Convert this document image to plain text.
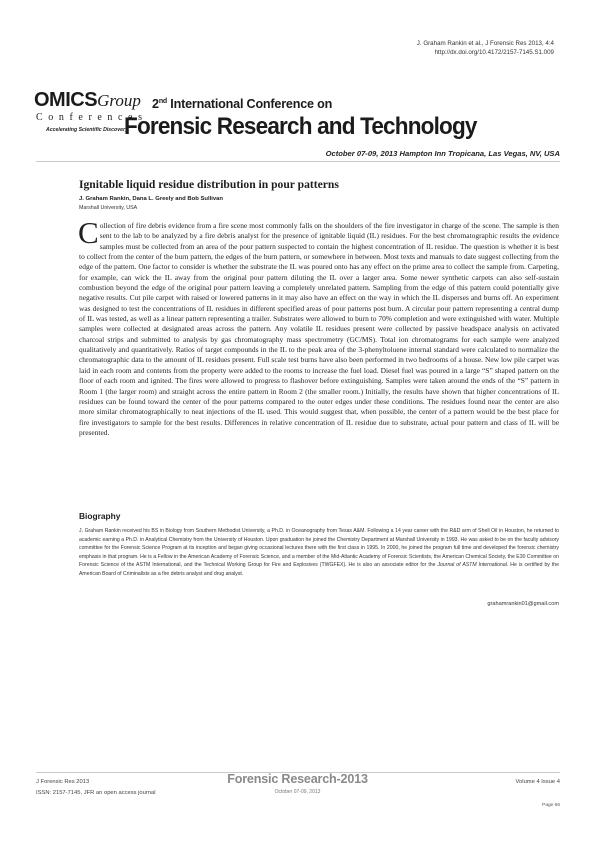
J. Graham Rankin et al., J Forensic Res 2013, 4:4
http://dx.doi.org/10.4172/2157-7145.S1.009
OMICSGroup
Conferences
Accelerating Scientific Discovery
2nd International Conference on
Forensic Research and Technology
October 07-09, 2013 Hampton Inn Tropicana, Las Vegas, NV, USA
Ignitable liquid residue distribution in pour patterns
J. Graham Rankin, Dana L. Greely and Bob Sullivan
Marshall University, USA
Collection of fire debris evidence from a fire scene most commonly falls on the shoulders of the fire investigator in charge of the scene. The sample is then sent to the lab to be analyzed by a fire debris analyst for the presence of ignitable liquid (IL) residues. For the best chromatographic results the evidence samples must be collected from an area of the pour pattern suspected to contain the highest concentration of IL residue. The question is whether it is best to collect from the center of the burn pattern, the edges of the burn pattern, or somewhere in between. Most texts and manuals to date suggest collecting from the edge of the pattern. One factor to consider is whether the substrate the IL was poured onto has any effect on the prime area to collect the sample from. Carpeting, for example, can wick the IL away from the original pour pattern diluting the IL over a larger area. Some newer synthetic carpets can also self-sustain combustion beyond the edge of the original pour pattern leaving a completely unrelated pattern. Sampling from the edge of this pattern could potentially give negative results. Cut pile carpet with raised or lowered patterns in it may also have an effect on the way in which the IL disperses and burns off. An experiment was designed to test the concentrations of IL residues in different specified areas of pour patterns post burn. A circular pour pattern representing a central dump of IL was tested, as well as a linear pattern representing a trailer. Substrates were allowed to burn to 70% completion and were extinguished with water. Multiple samples were collected at designated areas across the pattern. Any volatile IL residues present were collected by passive headspace analysis on activated charcoal strips and submitted to analysis by gas chromatography mass spectrometry (GC/MS). Total ion chromatograms for each sample were analyzed qualitatively and quantitatively. Ratios of target compounds in the IL to the peak area of the 3-phenyltoluene internal standard were calculated to normalize the chromatographic data to the amount of IL residues present. Full scale test burns have also been performed in two bedrooms of a house. New low pile carpet was laid in each room and contents from the property were added to the rooms to increase the fuel load. Diesel fuel was poured in a large “S” shaped pattern on the floor of each room and ignited. The fires were allowed to progress to flashover before extinguishing. Samples were taken around the ends of the “S” pattern in Room 1 (the larger room) and straight across the entire pattern in Room 2 (the smaller room.) Initially, the results have shown that higher concentrations of IL residues can be found toward the center of the pour patterns compared to the outer edges under these conditions. The residues found near the center are also more similar chromatographically to neat injections of the IL used. This would suggest that, when possible, the center of a pattern would be the best place for fire investigators to sample for the best results. Differences in relative concentration of IL residue due to substrate, actual pour pattern and class of IL will be presented.
Biography
J. Graham Rankin received his BS in Biology from Southern Methodist University, a Ph.D. in Oceanography from Texas A&M. Following a 14 year career with the R&D arm of Shell Oil in Houston, he returned to academic earning a Ph.D. in Analytical Chemistry from the University of Houston. Upon graduation he joined the Chemistry Department at Marshall University in 1993. He was asked to be on the faculty advisory committee for the Forensic Science Program at its inception and began giving occasional lectures there with the first class in 1995. In 2000, he joined the program full time and developed the forensic chemistry emphasis in that program. He is a Fellow in the American Academy of Forensic Science, and a member of the Mid-Atlantic Academy of Forensic Scientists, the American Chemical Society, the E30 Committee on Forensic Science of the ASTM International, and the Technical Working Group for Fire and Explosives (TWGFEX). He is also an associate editor for the Journal of ASTM International. He is certified by the American Board of Criminalists as a fire debris analyst and drug analyst.
grahamrankin01@gmail.com
J Forensic Res 2013
ISSN: 2157-7145, JFR an open access journal
Forensic Research-2013
October 07-09, 2013
Volume 4 Issue 4
Page 66
